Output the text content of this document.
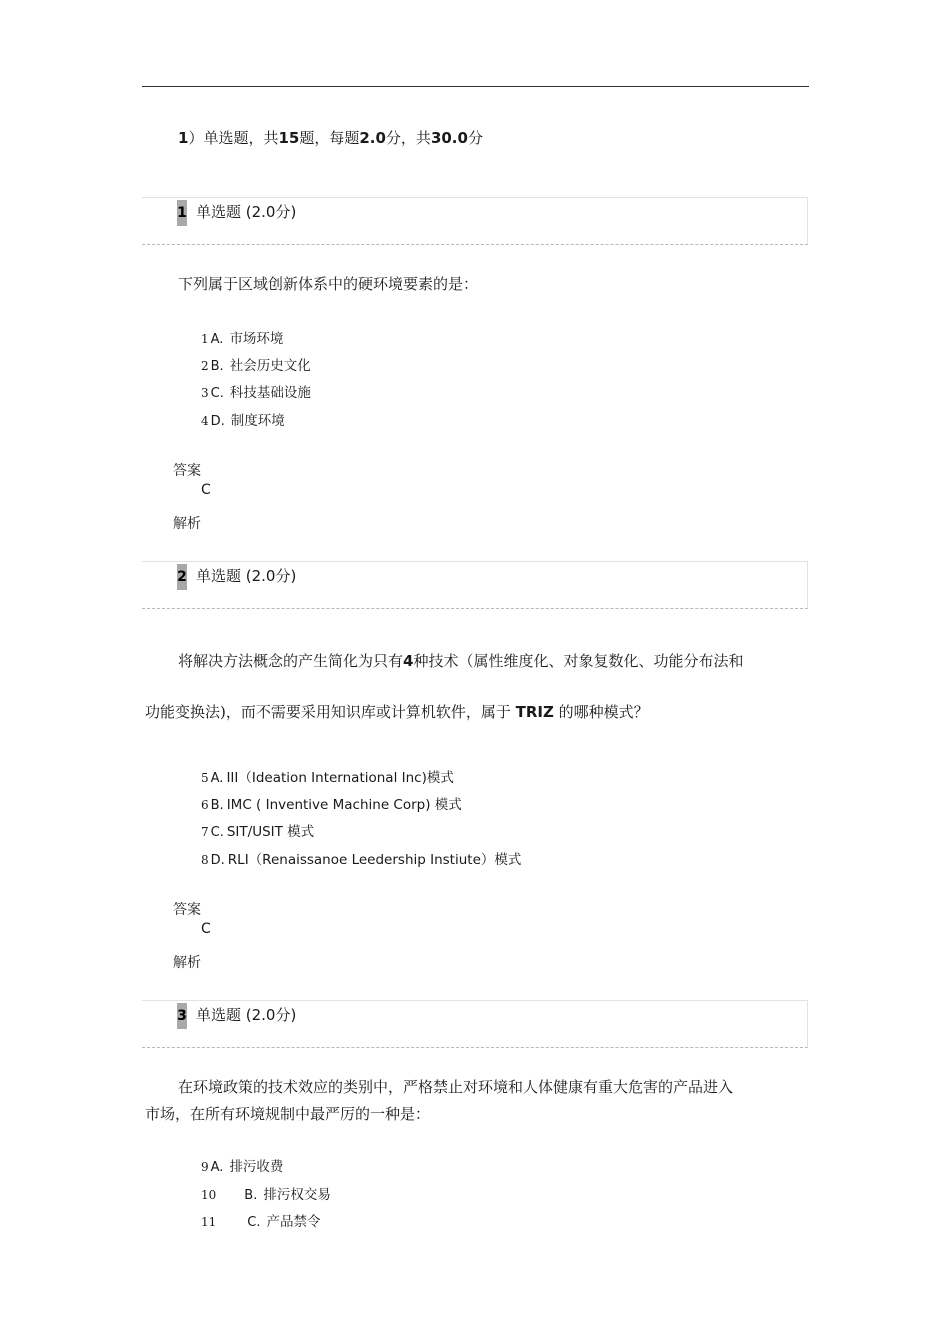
1）单选题，共15题，每题2.0分，共30.0分
1 单选题 (2.0分)
下列属于区域创新体系中的硬环境要素的是：
1 A. 市场环境
2 B. 社会历史文化
3 C. 科技基础设施
4 D. 制度环境
答案
C
解析
2 单选题 (2.0分)
将解决方法概念的产生简化为只有4种技术（属性维度化、对象复数化、功能分布法和
功能变换法)，而不需要采用知识库或计算机软件，属于 TRIZ 的哪种模式？
5 A. III（Ideation International Inc)模式
6 B. IMC ( Inventive Machine Corp) 模式
7 C. SIT/USIT 模式
8 D. RLI（Renaissanoe Leedership Instiute）模式
答案
C
解析
3 单选题 (2.0分)
在环境政策的技术效应的类别中，严格禁止对环境和人体健康有重大危害的产品进入
市场，在所有环境规制中最严厉的一种是：
9 A. 排污收费
10 B. 排污权交易
11 C. 产品禁令
